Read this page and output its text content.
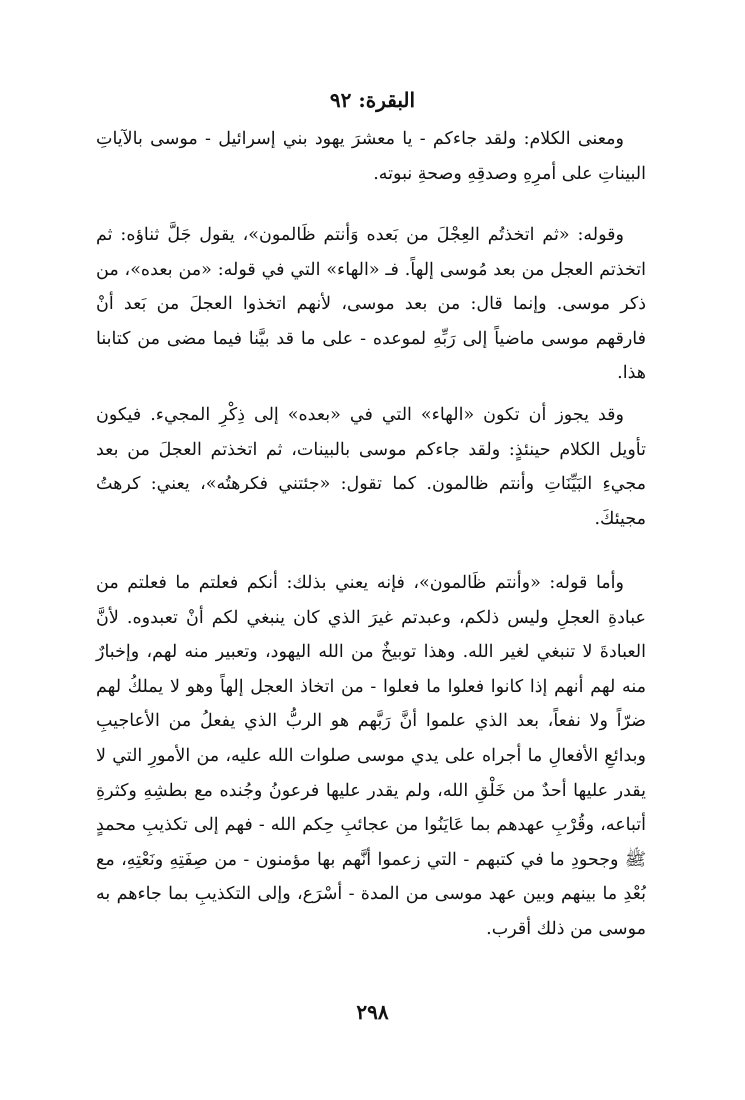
البقرة: ٩٢

ومعنى الكلام: ولقد جاءكم - يا معشرَ يهود بني إسرائيل - موسى بالآياتِ البيناتِ على أمرِهِ وصدقِهِ وصحةِ نبوته.

وقوله: «ثم اتخذتُم العِجْلَ من بَعده وَأنتم ظَالمون»، يقول جَلَّ ثناؤه: ثم اتخذتم العجل من بعد مُوسى إلهاً. فـ «الهاء» التي في قوله: «من بعده»، من ذكر موسى. وإنما قال: من بعد موسى، لأنهم اتخذوا العجلَ من بَعد أنْ فارقهم موسى ماضياً إلى رَبِّهِ لموعده - على ما قد بيَّنا فيما مضى من كتابنا هذا.

وقد يجوز أن تكون «الهاء» التي في «بعده» إلى ذِكْرِ المجيء. فيكون تأويل الكلام حينئذٍ: ولقد جاءكم موسى بالبينات، ثم اتخذتم العجلَ من بعد مجيءِ البَيِّنَاتِ وأنتم ظالمون. كما تقول: «جئتني فكرهتُه»، يعني: كرهتُ مجيئكَ.

وأما قوله: «وأنتم ظَالمون»، فإنه يعني بذلك: أنكم فعلتم ما فعلتم من عبادةِ العجلِ وليس ذلكم، وعبدتم غيرَ الذي كان ينبغي لكم أنْ تعبدوه. لأنَّ العبادةَ لا تنبغي لغير الله. وهذا توبيخٌ من الله اليهود، وتعبير منه لهم، وإخبارٌ منه لهم أنهم إذا كانوا فعلوا ما فعلوا - من اتخاذ العجل إلهاً وهو لا يملكُ لهم ضرّاً ولا نفعاً، بعد الذي علموا أنَّ رَبَّهم هو الربُّ الذي يفعلُ من الأعاجيبِ وبدائعِ الأفعالِ ما أجراه على يدي موسى صلوات الله عليه، من الأمورِ التي لا يقدر عليها أحدٌ من خَلْقِ الله، ولم يقدر عليها فرعونُ وجُنده مع بطشِهِ وكثرةِ أتباعه، وقُرْبِ عهدهم بما عَايَنُوا من عجائبِ حِكم الله - فهم إلى تكذيبِ محمدٍ ﷺ وجحودِ ما في كتبهم - التي زعموا أنَّهم بها مؤمنون - من صِفَتِهِ ونَعْتِهِ، مع بُعْدِ ما بينهم وبين عهد موسى من المدة - أسْرَع، وإلى التكذيبِ بما جاءهم به موسى من ذلك أقرب.

٢٩٨
